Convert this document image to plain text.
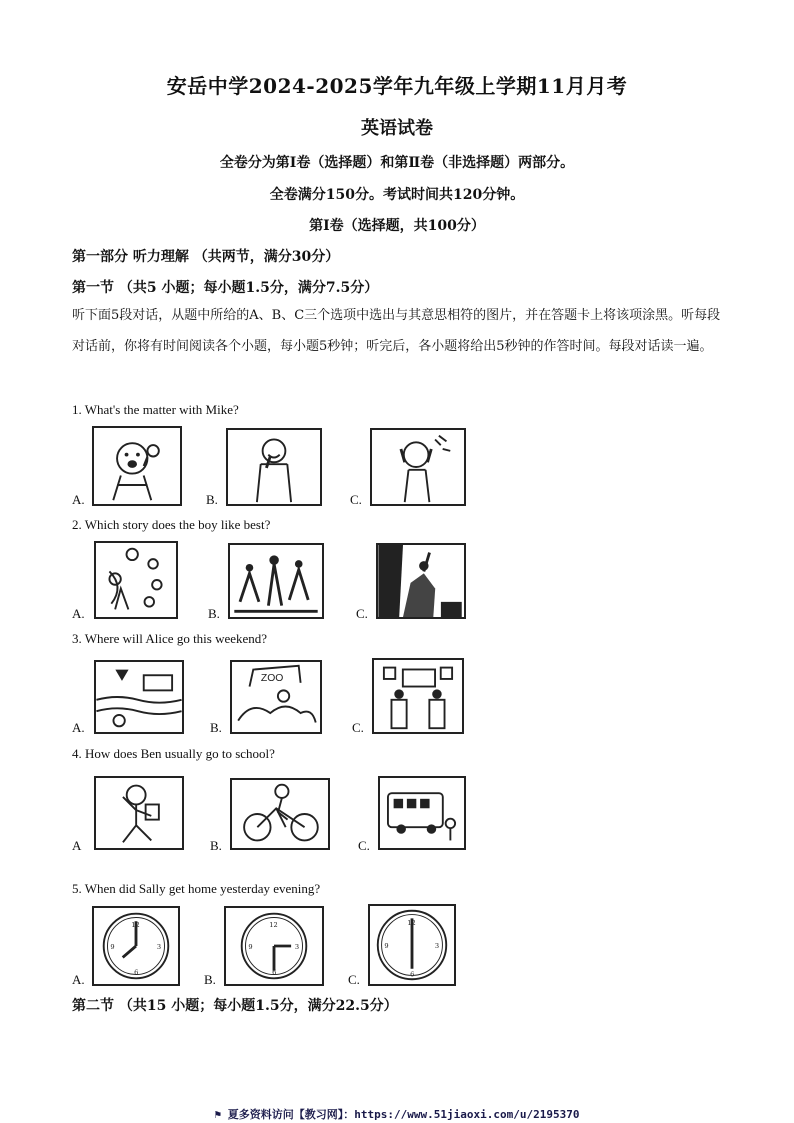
安岳中学2024-2025学年九年级上学期11月月考
英语试卷
全卷分为第Ⅰ卷（选择题）和第Ⅱ卷（非选择题）两部分。
全卷满分150分。考试时间共120分钟。
第Ⅰ卷（选择题，共100分）
第一部分 听力理解 （共两节，满分30分）
第一节 （共5 小题；每小题1.5分，满分7.5分）
听下面5段对话，从题中所给的A、B、C三个选项中选出与其意思相符的图片，并在答题卡上将该项涂黑。听每段对话前，你将有时间阅读各个小题，每小题5秒钟；听完后，各小题将给出5秒钟的作答时间。每段对话读一遍。
1. What's the matter with Mike?
A.	B.	C.
2. Which story does the boy like best?
A.	B.	C.
3. Where will Alice go this weekend?
A.	B.
ZOO
C.
4. How does Ben usually go to school?
A	B.	C.
5. When did Sally get home yesterday evening?
A.
12
3
6
9
B.
12
3
6
9
C.
12
3
6
9
第二节 （共15 小题；每小题1.5分，满分22.5分）
⚑ 夏多资料访问【教习网】：https://www.51jiaoxi.com/u/2195370
